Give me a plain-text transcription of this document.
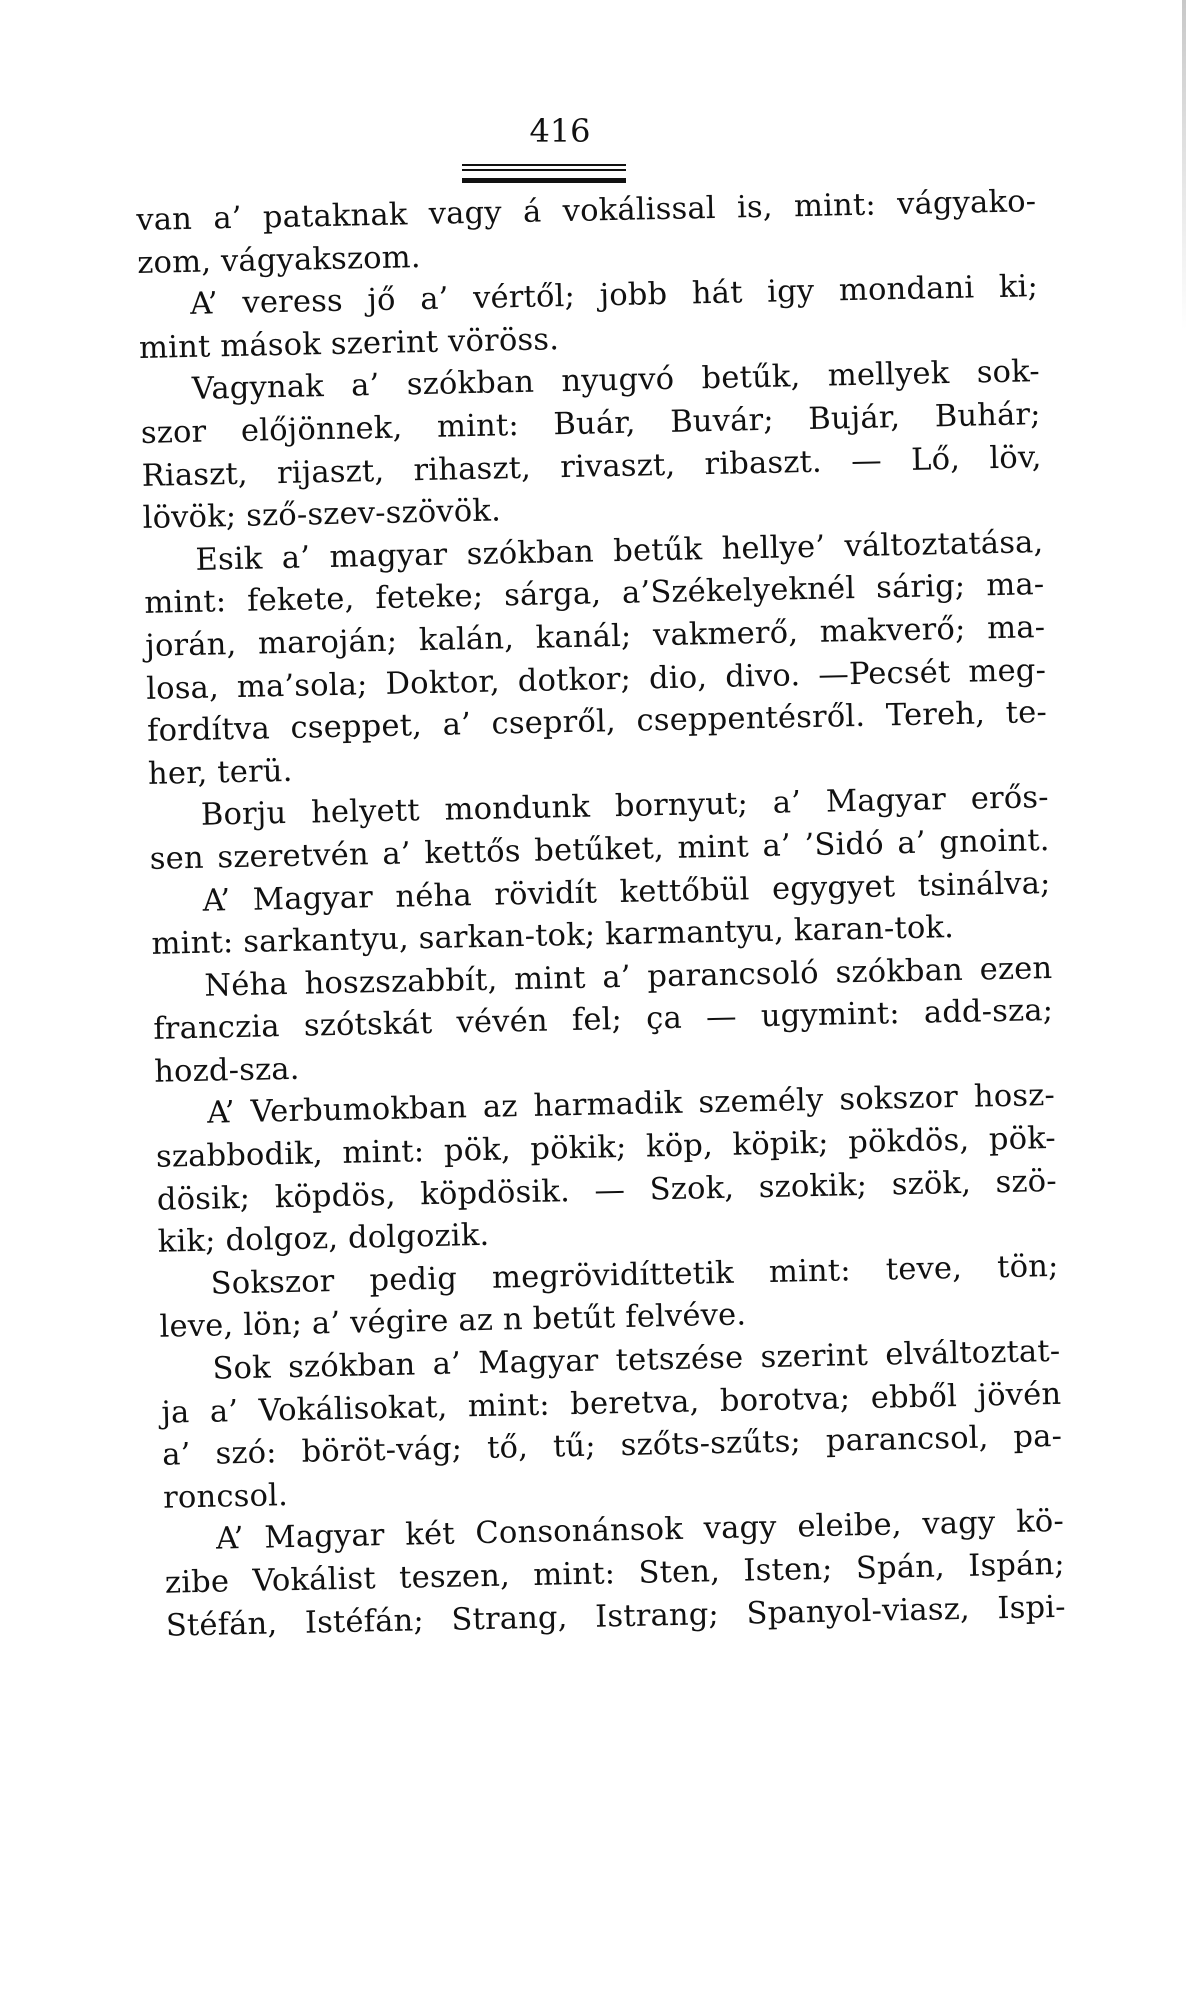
416
van a’ pataknak vagy á vokálissal is, mint: vágyako-
zom, vágyakszom.
A’ veress jő a’ vértől; jobb hát igy mondani ki;
mint mások szerint vöröss.
Vagynak a’ szókban nyugvó betűk, mellyek sok-
szor előjönnek, mint: Buár, Buvár; Bujár, Buhár;
Riaszt, rijaszt, rihaszt, rivaszt, ribaszt. — Lő, löv,
lövök; sző-szev-szövök.
Esik a’ magyar szókban betűk hellye’ változtatása,
mint: fekete, feteke; sárga, a’Székelyeknél sárig; ma-
jorán, maroján; kalán, kanál; vakmerő, makverő; ma-
losa, ma’sola; Doktor, dotkor; dio, divo. —Pecsét meg-
fordítva cseppet, a’ csepről, cseppentésről. Tereh, te-
her, terü.
Borju helyett mondunk bornyut; a’ Magyar erős-
sen szeretvén a’ kettős betűket, mint a’ ’Sidó a’ gnoint.
A’ Magyar néha rövidít kettőbül egygyet tsinálva;
mint: sarkantyu, sarkan-tok; karmantyu, karan-tok.
Néha hoszszabbít, mint a’ parancsoló szókban ezen
franczia szótskát vévén fel; ça — ugymint: add-sza;
hozd-sza.
A’ Verbumokban az harmadik személy sokszor hosz-
szabbodik, mint: pök, pökik; köp, köpik; pökdös, pök-
dösik; köpdös, köpdösik. — Szok, szokik; szök, szö-
kik; dolgoz, dolgozik.
Sokszor pedig megrövidíttetik mint: teve, tön;
leve, lön; a’ végire az n betűt felvéve.
Sok szókban a’ Magyar tetszése szerint elváltoztat-
ja a’ Vokálisokat, mint: beretva, borotva; ebből jövén
a’ szó: böröt-vág; tő, tű; szőts-szűts; parancsol, pa-
roncsol.
A’ Magyar két Consonánsok vagy eleibe, vagy kö-
zibe Vokálist teszen, mint: Sten, Isten; Spán, Ispán;
Stéfán, Istéfán; Strang, Istrang; Spanyol-viasz, Ispi-
